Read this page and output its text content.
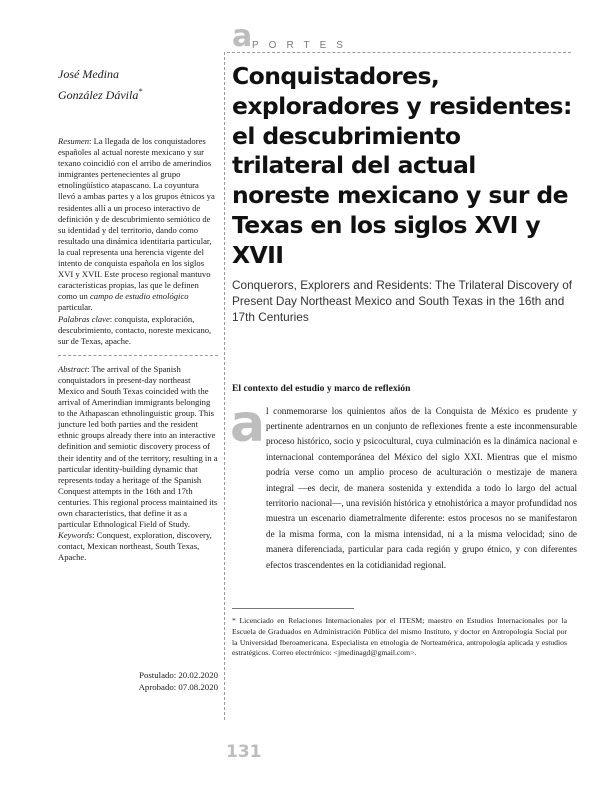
a PORTES
José Medina
González Dávila*

Resumen: La llegada de los conquistadores españoles al actual noreste mexicano y sur texano coincidió con el arribo de amerindios inmigrantes pertenecientes al grupo etnolingüístico atapascano. La coyuntura llevó a ambas partes y a los grupos étnicos ya residentes allí a un proceso interactivo de definición y de descubrimiento semiótico de su identidad y del territorio, dando como resultado una dinámica identitaria particular, la cual representa una herencia vigente del intento de conquista española en los siglos XVI y XVII. Este proceso regional mantuvo características propias, las que le definen como un campo de estudio etnológico particular.

Palabras clave: conquista, exploración, descubrimiento, contacto, noreste mexicano, sur de Texas, apache.

Abstract: The arrival of the Spanish conquistadors in present-day northeast Mexico and South Texas coincided with the arrival of Amerindian immigrants belonging to the Athapascan ethnolinguistic group. This juncture led both parties and the resident ethnic groups already there into an interactive definition and semiotic discovery process of their identity and of the territory, resulting in a particular identity-building dynamic that represents today a heritage of the Spanish Conquest attempts in the 16th and 17th centuries. This regional process maintained its own characteristics, that define it as a particular Ethnological Field of Study.

Keywords: Conquest, exploration, discovery, contact, Mexican northeast, South Texas, Apache.

Postulado: 20.02.2020
Aprobado: 07.08.2020
Conquistadores, exploradores y residentes: el descubrimiento trilateral del actual noreste mexicano y sur de Texas en los siglos XVI y XVII

Conquerors, Explorers and Residents: The Trilateral Discovery of Present Day Northeast Mexico and South Texas in the 16th and 17th Centuries

El contexto del estudio y marco de reflexión

a l conmemorarse los quinientos años de la Conquista de México es prudente y pertinente adentrarnos en un conjunto de reflexiones frente a este inconmensurable proceso histórico, socio y psicocultural, cuya culminación es la dinámica nacional e internacional contemporánea del México del siglo XXI. Mientras que el mismo podría verse como un amplio proceso de aculturación o mestizaje de manera integral —es decir, de manera sostenida y extendida a todo lo largo del actual territorio nacional—, una revisión histórica y etnohistórica a mayor profundidad nos muestra un escenario diametralmente diferente: estos procesos no se manifestaron de la misma forma, con la misma intensidad, ni a la misma velocidad; sino de manera diferenciada, particular para cada región y grupo étnico, y con diferentes efectos trascendentes en la cotidianidad regional.

* Licenciado en Relaciones Internacionales por el ITESM; maestro en Estudios Internacionales por la Escuela de Graduados en Administración Pública del mismo Instituto, y doctor en Antropología Social por la Universidad Iberoamericana. Especialista en etnología de Norteamérica, antropología aplicada y estudios estratégicos. Correo electrónico: <jmedinagd@gmail.com>.
131
